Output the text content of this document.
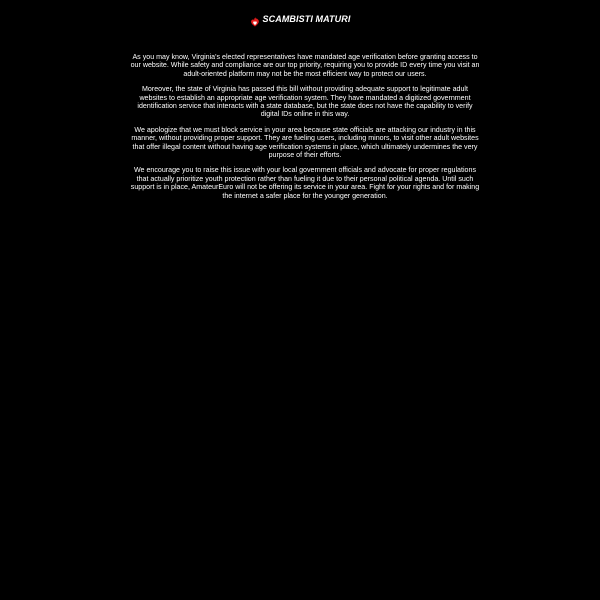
SCAMBISTI MATURI

As you may know, Virginia's elected representatives have mandated age verification before granting access to our website. While safety and compliance are our top priority, requiring you to provide ID every time you visit an adult-oriented platform may not be the most efficient way to protect our users.

Moreover, the state of Virginia has passed this bill without providing adequate support to legitimate adult websites to establish an appropriate age verification system. They have mandated a digitized government identification service that interacts with a state database, but the state does not have the capability to verify digital IDs online in this way.

We apologize that we must block service in your area because state officials are attacking our industry in this manner, without providing proper support. They are fueling users, including minors, to visit other adult websites that offer illegal content without having age verification systems in place, which ultimately undermines the very purpose of their efforts.

We encourage you to raise this issue with your local government officials and advocate for proper regulations that actually prioritize youth protection rather than fueling it due to their personal political agenda. Until such support is in place, AmateurEuro will not be offering its service in your area. Fight for your rights and for making the internet a safer place for the younger generation.
